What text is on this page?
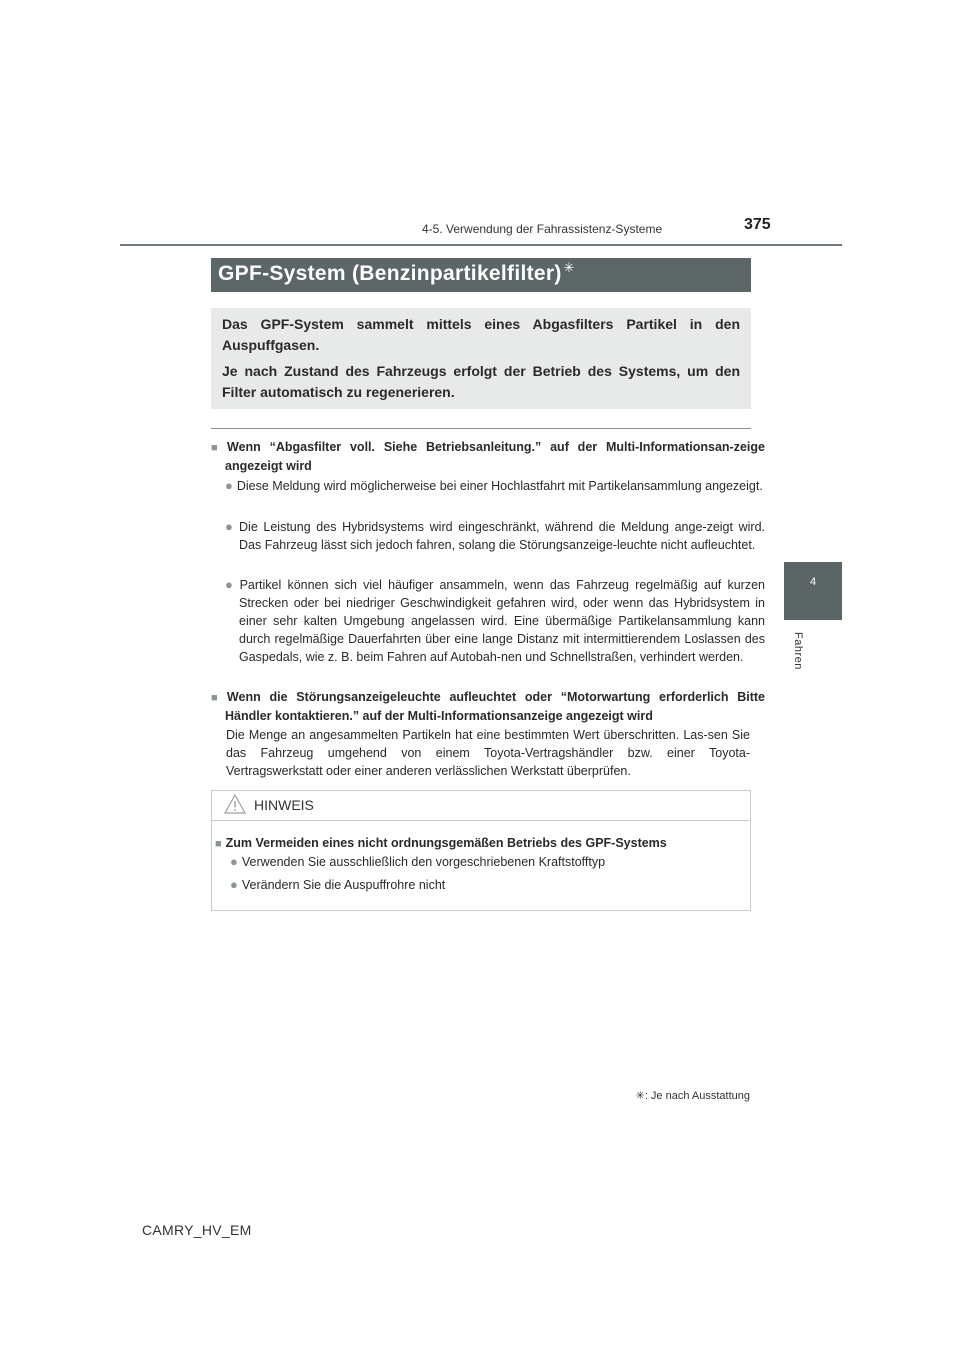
4-5. Verwendung der Fahrassistenz-Systeme	375
4
Fahren
GPF-System (Benzinpartikelfilter) ✳
Das GPF-System sammelt mittels eines Abgasfilters Partikel in den Auspuffgasen.
Je nach Zustand des Fahrzeugs erfolgt der Betrieb des Systems, um den Filter automatisch zu regenerieren.
■ Wenn “Abgasfilter voll. Siehe Betriebsanleitung.” auf der Multi-Informationsan-zeige angezeigt wird
● Diese Meldung wird möglicherweise bei einer Hochlastfahrt mit Partikelansammlung angezeigt.
● Die Leistung des Hybridsystems wird eingeschränkt, während die Meldung ange-zeigt wird. Das Fahrzeug lässt sich jedoch fahren, solang die Störungsanzeige-leuchte nicht aufleuchtet.
● Partikel können sich viel häufiger ansammeln, wenn das Fahrzeug regelmäßig auf kurzen Strecken oder bei niedriger Geschwindigkeit gefahren wird, oder wenn das Hybridsystem in einer sehr kalten Umgebung angelassen wird. Eine übermäßige Partikelansammlung kann durch regelmäßige Dauerfahrten über eine lange Distanz mit intermittierendem Loslassen des Gaspedals, wie z. B. beim Fahren auf Autobah-nen und Schnellstraßen, verhindert werden.
■ Wenn die Störungsanzeigeleuchte aufleuchtet oder “Motorwartung erforderlich Bitte Händler kontaktieren.” auf der Multi-Informationsanzeige angezeigt wird
Die Menge an angesammelten Partikeln hat eine bestimmten Wert überschritten. Las-sen Sie das Fahrzeug umgehend von einem Toyota-Vertragshändler bzw. einer Toyota-Vertragswerkstatt oder einer anderen verlässlichen Werkstatt überprüfen.
HINWEIS
■ Zum Vermeiden eines nicht ordnungsgemäßen Betriebs des GPF-Systems
● Verwenden Sie ausschließlich den vorgeschriebenen Kraftstofftyp
● Verändern Sie die Auspuffrohre nicht
✳: Je nach Ausstattung
CAMRY_HV_EM
